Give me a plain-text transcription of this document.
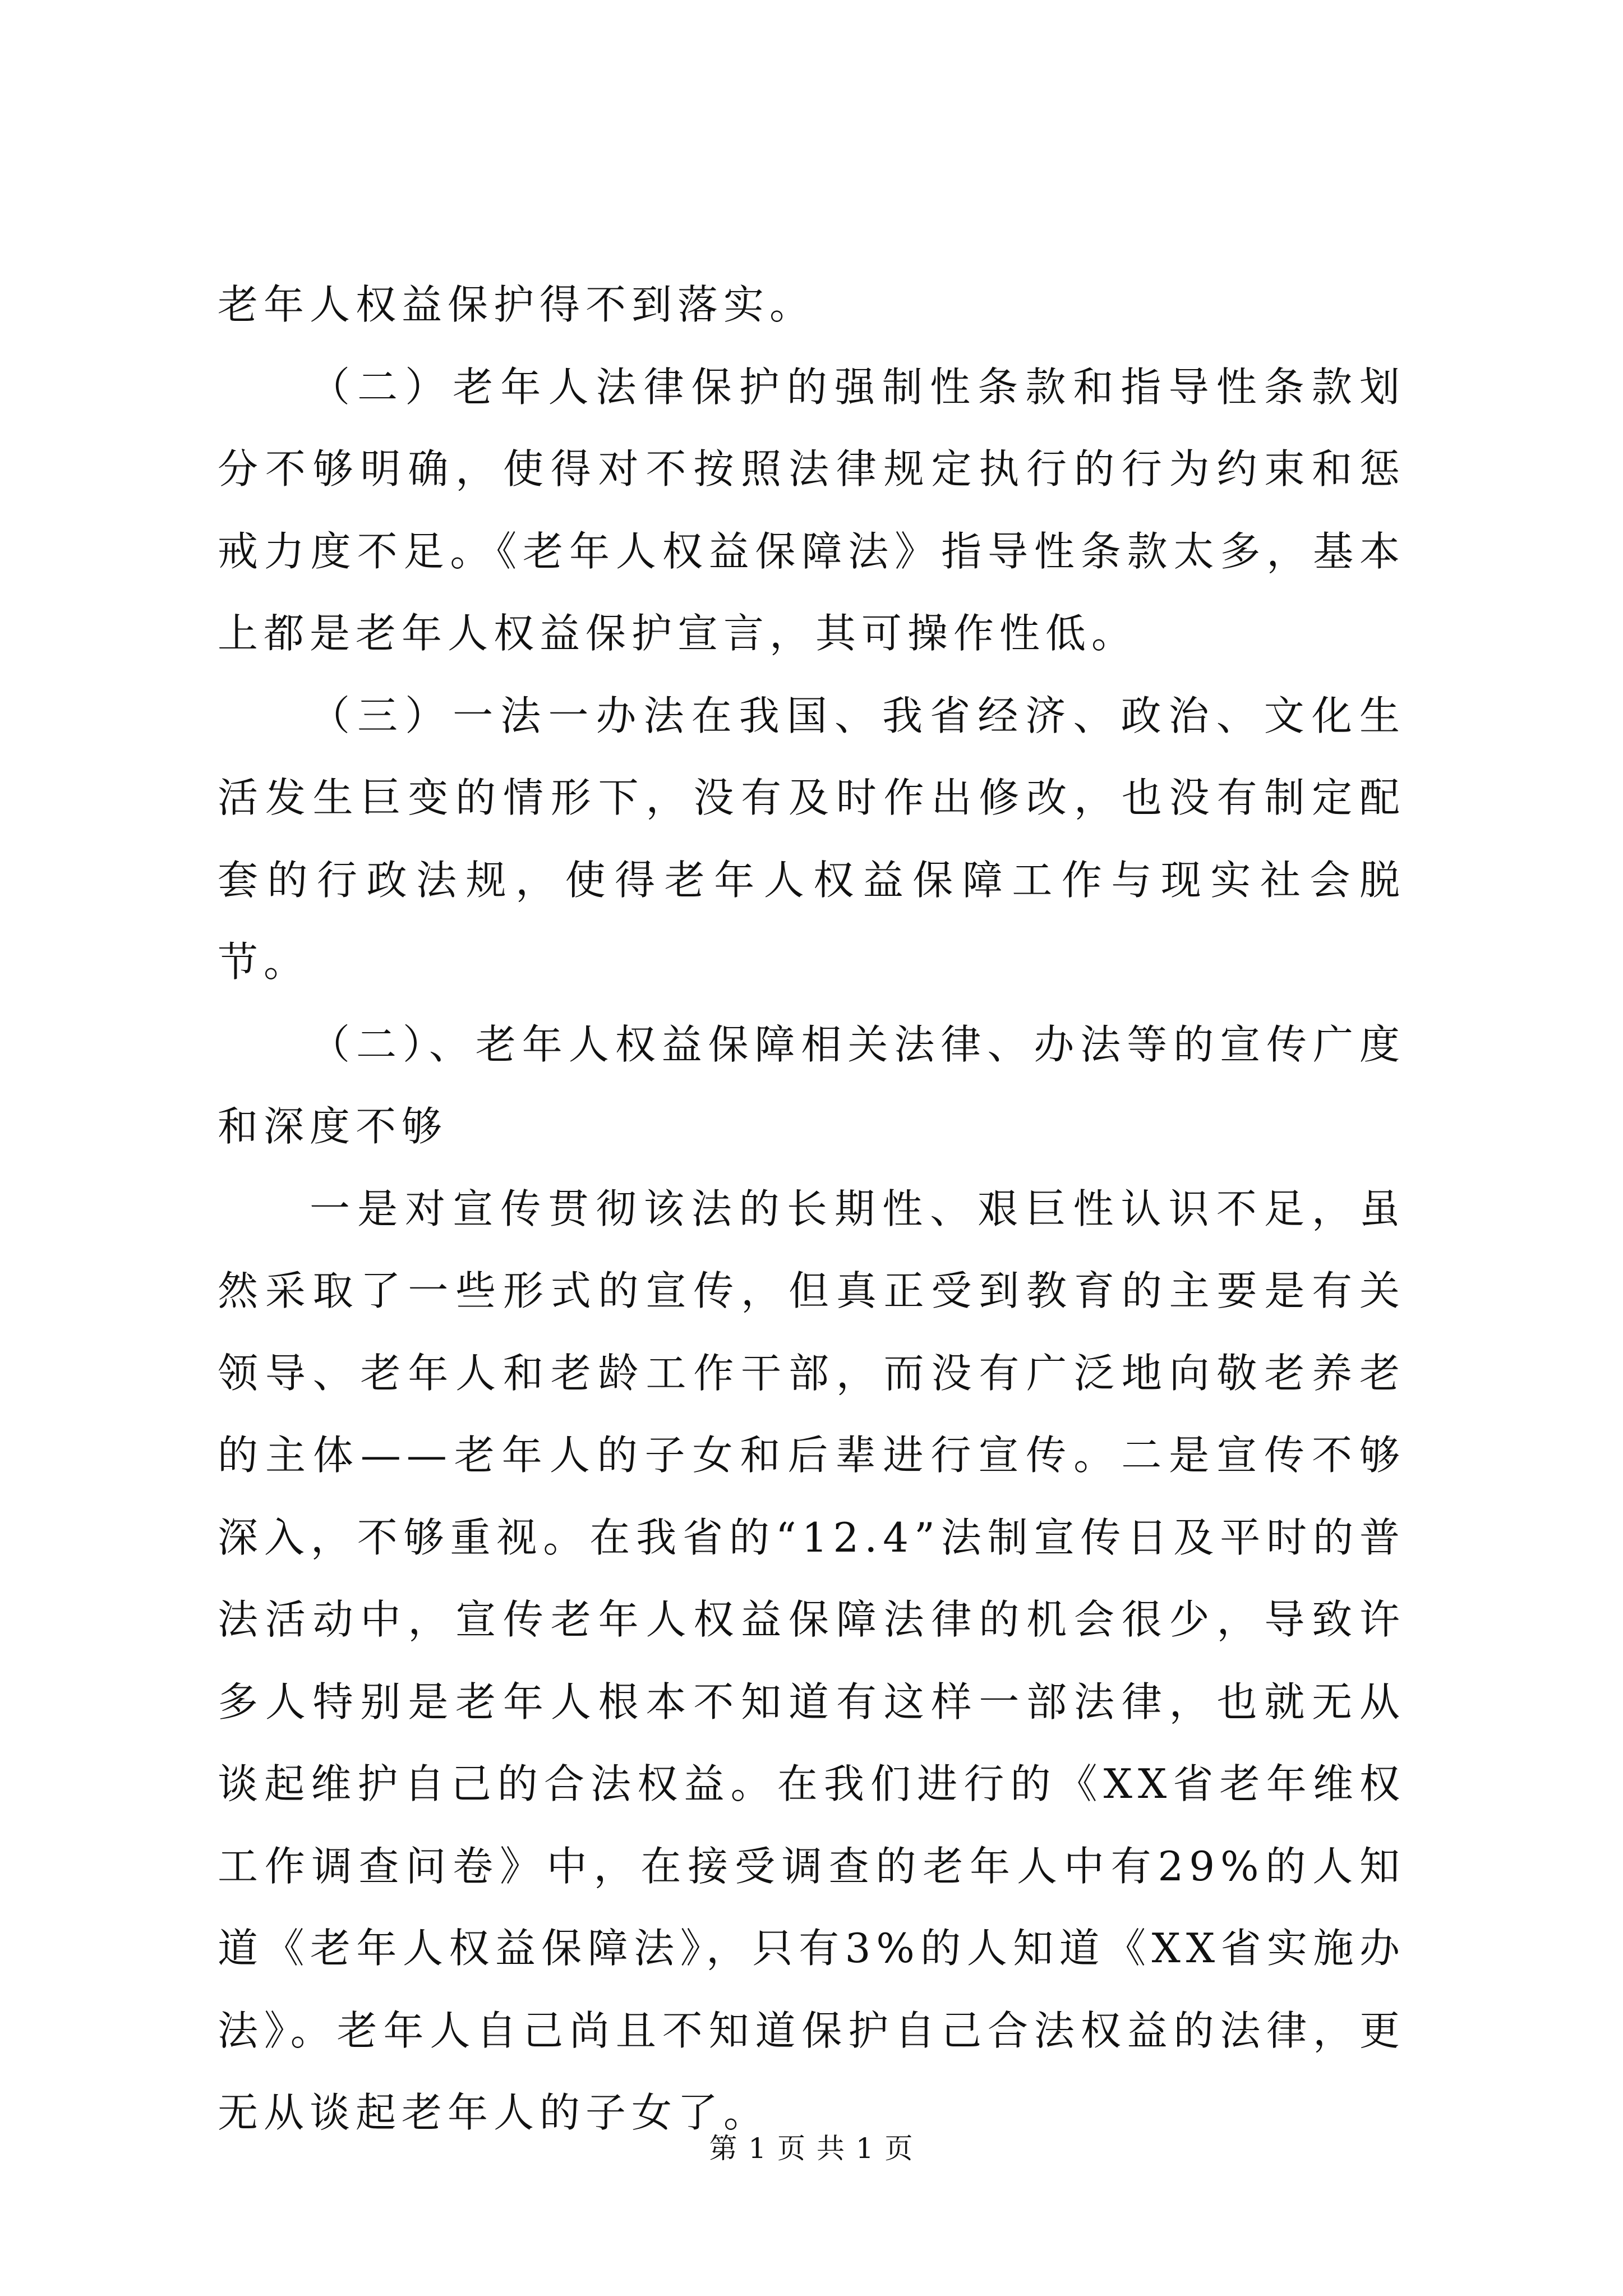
老年人权益保护得不到落实。

（二）老年人法律保护的强制性条款和指导性条款划分不够明确，使得对不按照法律规定执行的行为约束和惩戒力度不足。《老年人权益保障法》指导性条款太多，基本上都是老年人权益保护宣言，其可操作性低。

（三）一法一办法在我国、我省经济、政治、文化生活发生巨变的情形下，没有及时作出修改，也没有制定配套的行政法规，使得老年人权益保障工作与现实社会脱节。

（二）、老年人权益保障相关法律、办法等的宣传广度和深度不够

一是对宣传贯彻该法的长期性、艰巨性认识不足，虽然采取了一些形式的宣传，但真正受到教育的主要是有关领导、老年人和老龄工作干部，而没有广泛地向敬老养老的主体——老年人的子女和后辈进行宣传。二是宣传不够深入，不够重视。在我省的“12.4”法制宣传日及平时的普法活动中，宣传老年人权益保障法律的机会很少，导致许多人特别是老年人根本不知道有这样一部法律，也就无从谈起维护自己的合法权益。在我们进行的《XX省老年维权工作调查问卷》中，在接受调查的老年人中有29%的人知道《老年人权益保障法》，只有3%的人知道《XX省实施办法》。老年人自己尚且不知道保护自己合法权益的法律，更无从谈起老年人的子女了。

第 1 页 共 1 页
